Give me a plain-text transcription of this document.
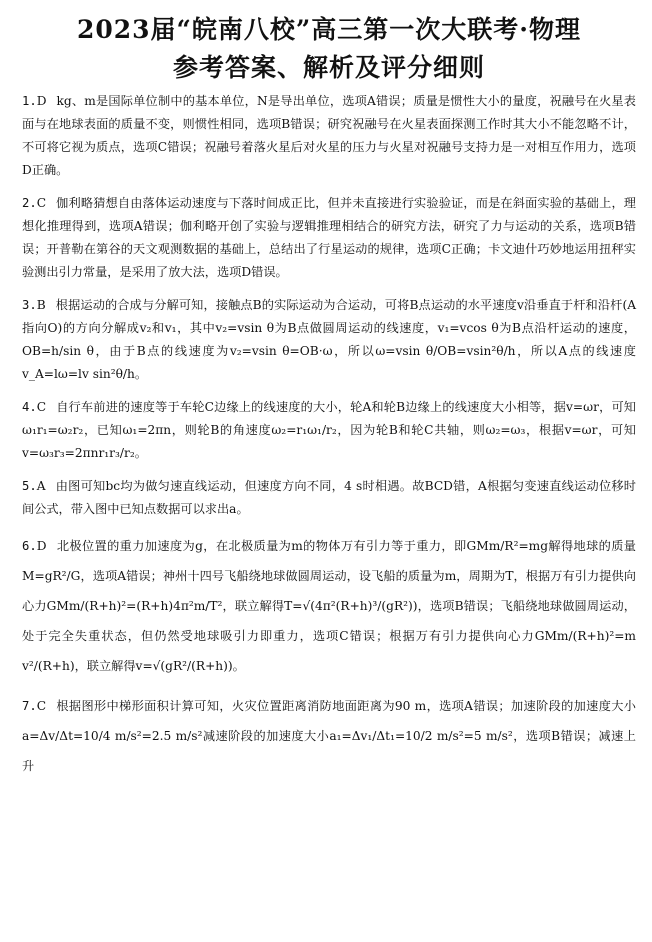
2023届“皖南八校”高三第一次大联考·物理
参考答案、解析及评分细则

1.D kg、m是国际单位制中的基本单位，N是导出单位，选项A错误；质量是惯性大小的量度，祝融号在火星表面与在地球表面的质量不变，则惯性相同，选项B错误；研究祝融号在火星表面探测工作时其大小不能忽略不计，不可将它视为质点，选项C错误；祝融号着落火星后对火星的压力与火星对祝融号支持力是一对相互作用力，选项D正确。

2.C 伽利略猜想自由落体运动速度与下落时间成正比，但并未直接进行实验验证，而是在斜面实验的基础上，理想化推理得到，选项A错误；伽利略开创了实验与逻辑推理相结合的研究方法，研究了力与运动的关系，选项B错误；开普勒在第谷的天文观测数据的基础上，总结出了行星运动的规律，选项C正确；卡文迪什巧妙地运用扭秤实验测出引力常量，是采用了放大法，选项D错误。

3.B 根据运动的合成与分解可知，接触点B的实际运动为合运动，可将B点运动的水平速度v沿垂直于杆和沿杆(A指向O)的方向分解成v₂和v₁，其中v₂=vsin θ为B点做圆周运动的线速度，v₁=vcos θ为B点沿杆运动的速度，OB=h/sin θ，由于B点的线速度为v₂=vsin θ=OB·ω，所以ω=vsin θ/OB=vsin²θ/h，所以A点的线速度v_A=lω=lv sin²θ/h。

4.C 自行车前进的速度等于车轮C边缘上的线速度的大小，轮A和轮B边缘上的线速度大小相等，据v=ωr，可知ω₁r₁=ω₂r₂，已知ω₁=2πn，则轮B的角速度ω₂=r₁ω₁/r₂，因为轮B和轮C共轴，则ω₂=ω₃，根据v=ωr，可知v=ω₃r₃=2πnr₁r₃/r₂。

5.A 由图可知bc均为做匀速直线运动，但速度方向不同，4 s时相遇。故BCD错，A根据匀变速直线运动位移时间公式，带入图中已知点数据可以求出a。

6.D 北极位置的重力加速度为g，在北极质量为m的物体万有引力等于重力，即GMm/R²=mg解得地球的质量M=gR²/G，选项A错误；神州十四号飞船绕地球做圆周运动，设飞船的质量为m，周期为T，根据万有引力提供向心力GMm/(R+h)²=(R+h)4π²m/T²，联立解得T=√(4π²(R+h)³/(gR²))，选项B错误；飞船绕地球做圆周运动，处于完全失重状态，但仍然受地球吸引力即重力，选项C错误；根据万有引力提供向心力GMm/(R+h)²=m v²/(R+h)，联立解得v=√(gR²/(R+h))。

7.C 根据图形中梯形面积计算可知，火灾位置距离消防地面距离为90 m，选项A错误；加速阶段的加速度大小a=Δv/Δt=10/4 m/s²=2.5 m/s²减速阶段的加速度大小a₁=Δv₁/Δt₁=10/2 m/s²=5 m/s²，选项B错误；减速上升
